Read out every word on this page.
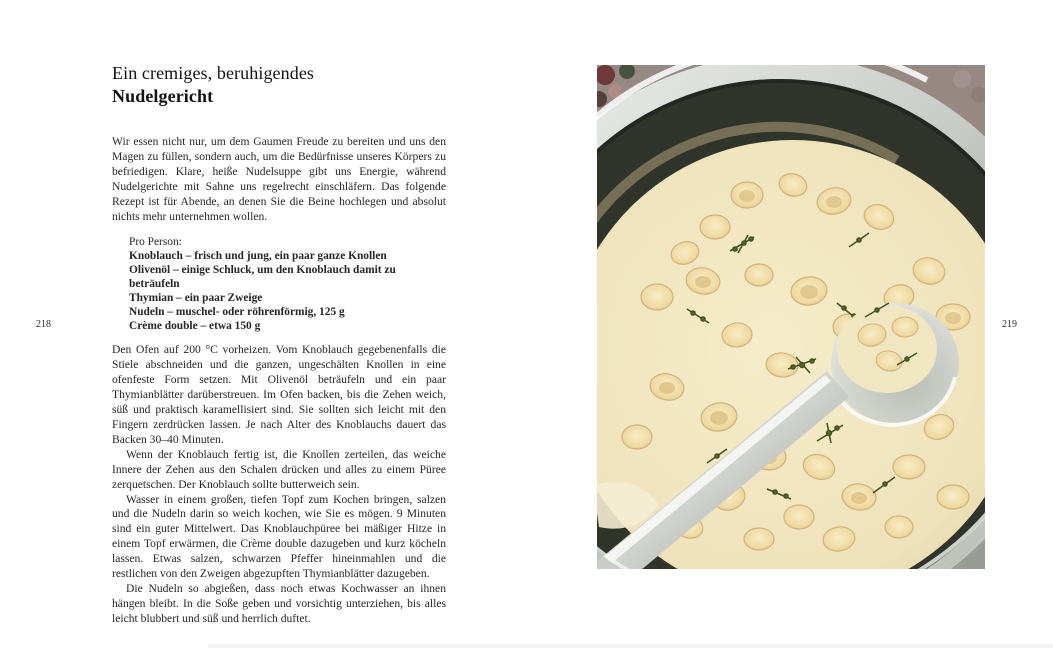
218
Ein cremiges, beruhigendes
Nudelgericht

Wir essen nicht nur, um dem Gaumen Freude zu bereiten und uns den Magen zu füllen, sondern auch, um die Bedürfnisse unseres Körpers zu befriedigen. Klare, heiße Nudelsuppe gibt uns Energie, während Nudelgerichte mit Sahne uns regelrecht einschläfern. Das folgende Rezept ist für Abende, an denen Sie die Beine hochlegen und absolut nichts mehr unternehmen wollen.

Pro Person:
Knoblauch – frisch und jung, ein paar ganze Knollen
Olivenöl – einige Schluck, um den Knoblauch damit zu beträufeln
Thymian – ein paar Zweige
Nudeln – muschel- oder röhrenförmig, 125 g
Crème double – etwa 150 g

Den Ofen auf 200 °C vorheizen. Vom Knoblauch gegebenenfalls die Stiele abschneiden und die ganzen, ungeschälten Knollen in eine ofenfeste Form setzen. Mit Olivenöl beträufeln und ein paar Thymianblätter darüberstreuen. Im Ofen backen, bis die Zehen weich, süß und praktisch karamellisiert sind. Sie sollten sich leicht mit den Fingern zerdrücken lassen. Je nach Alter des Knoblauchs dauert das Backen 30–40 Minuten.

Wenn der Knoblauch fertig ist, die Knollen zerteilen, das weiche Innere der Zehen aus den Schalen drücken und alles zu einem Püree zerquetschen. Der Knoblauch sollte butterweich sein.

Wasser in einem großen, tiefen Topf zum Kochen bringen, salzen und die Nudeln darin so weich kochen, wie Sie es mögen. 9 Minuten sind ein guter Mittelwert. Das Knoblauchpüree bei mäßiger Hitze in einem Topf erwärmen, die Crème double dazugeben und kurz köcheln lassen. Etwas salzen, schwarzen Pfeffer hineinmahlen und die restlichen von den Zweigen abgezupften Thymianblätter dazugeben.

Die Nudeln so abgießen, dass noch etwas Kochwasser an ihnen hängen bleibt. In die Soße geben und vorsichtig unterziehen, bis alles leicht blubbert und süß und herrlich duftet.

219
